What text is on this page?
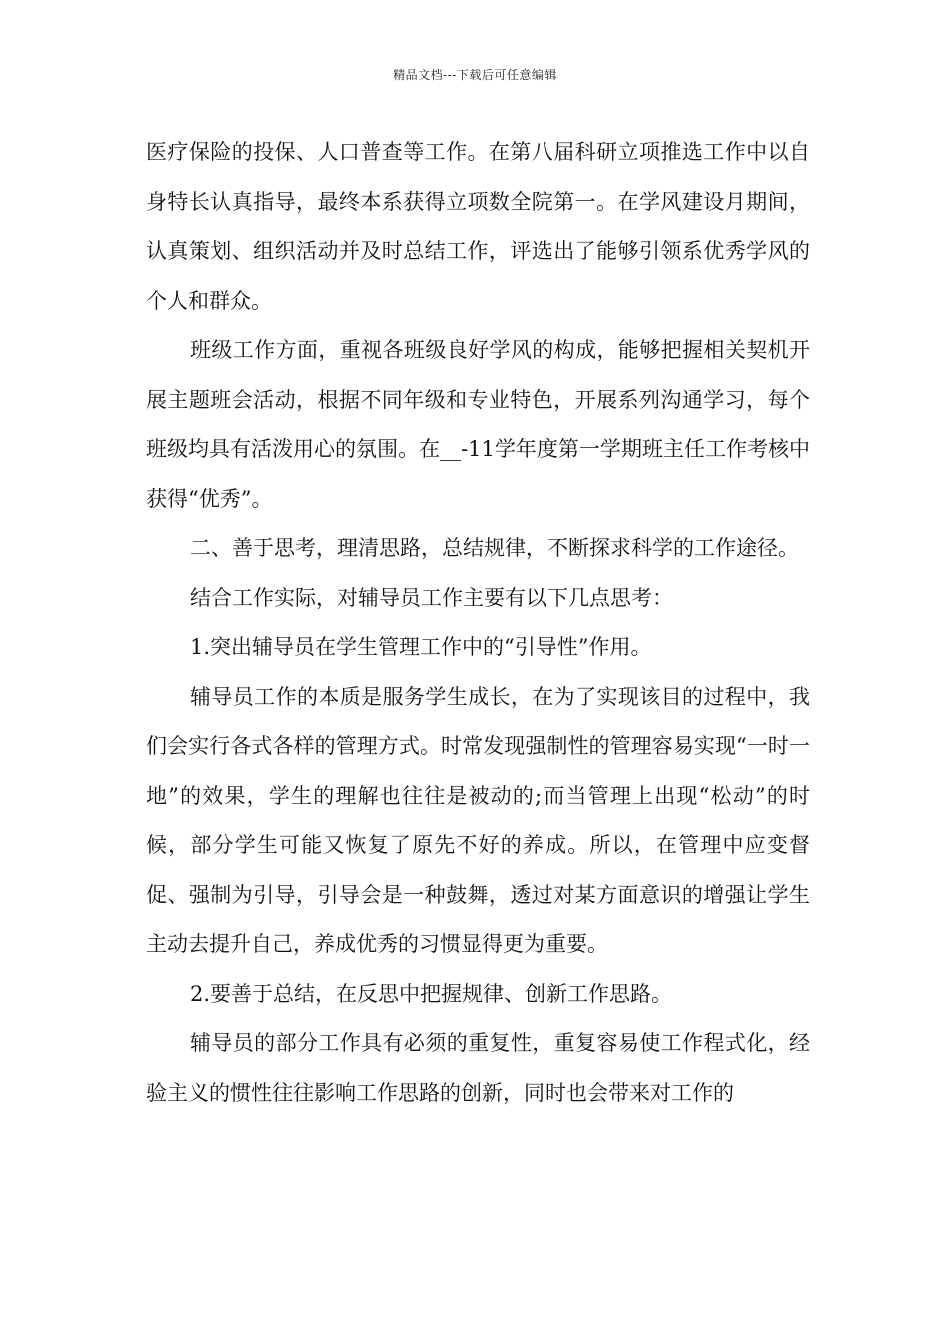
精品文档---下载后可任意编辑

医疗保险的投保、人口普查等工作。在第八届科研立项推选工作中以自身特长认真指导，最终本系获得立项数全院第一。在学风建设月期间，认真策划、组织活动并及时总结工作，评选出了能够引领系优秀学风的个人和群众。

班级工作方面，重视各班级良好学风的构成，能够把握相关契机开展主题班会活动，根据不同年级和专业特色，开展系列沟通学习，每个班级均具有活泼用心的氛围。在__-11学年度第一学期班主任工作考核中获得“优秀”。

二、善于思考，理清思路，总结规律，不断探求科学的工作途径。

结合工作实际，对辅导员工作主要有以下几点思考：

1.突出辅导员在学生管理工作中的“引导性”作用。

辅导员工作的本质是服务学生成长，在为了实现该目的过程中，我们会实行各式各样的管理方式。时常发现强制性的管理容易实现“一时一地”的效果，学生的理解也往往是被动的;而当管理上出现“松动”的时候，部分学生可能又恢复了原先不好的养成。所以，在管理中应变督促、强制为引导，引导会是一种鼓舞，透过对某方面意识的增强让学生主动去提升自己，养成优秀的习惯显得更为重要。

2.要善于总结，在反思中把握规律、创新工作思路。

辅导员的部分工作具有必须的重复性，重复容易使工作程式化，经验主义的惯性往往影响工作思路的创新，同时也会带来对工作的
